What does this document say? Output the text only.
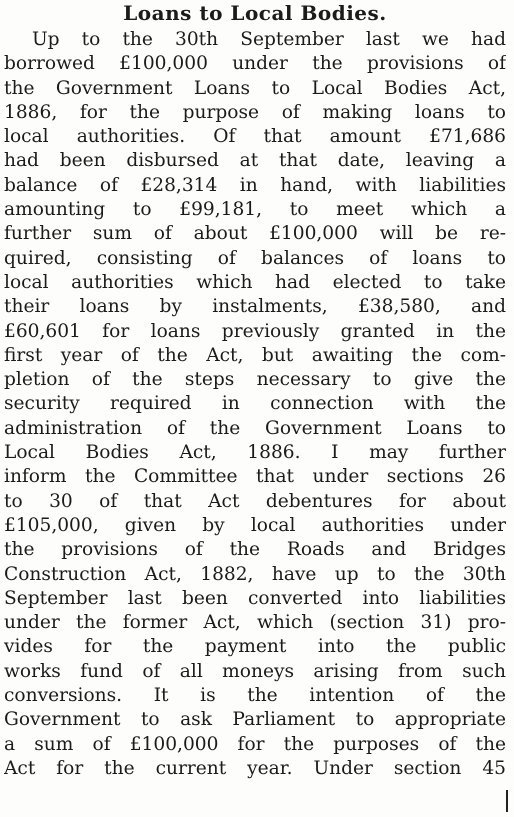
Loans to Local Bodies.
Up to the 30th September last we had
borrowed £100,000 under the provisions of
the Government Loans to Local Bodies Act,
1886, for the purpose of making loans to
local authorities. Of that amount £71,686
had been disbursed at that date, leaving a
balance of £28,314 in hand, with liabilities
amounting to £99,181, to meet which a
further sum of about £100,000 will be re-
quired, consisting of balances of loans to
local authorities which had elected to take
their loans by instalments, £38,580, and
£60,601 for loans previously granted in the
first year of the Act, but awaiting the com-
pletion of the steps necessary to give the
security required in connection with the
administration of the Government Loans to
Local Bodies Act, 1886. I may further
inform the Committee that under sections 26
to 30 of that Act debentures for about
£105,000, given by local authorities under
the provisions of the Roads and Bridges
Construction Act, 1882, have up to the 30th
September last been converted into liabilities
under the former Act, which (section 31) pro-
vides for the payment into the public
works fund of all moneys arising from such
conversions. It is the intention of the
Government to ask Parliament to appropriate
a sum of £100,000 for the purposes of the
Act for the current year. Under section 45
